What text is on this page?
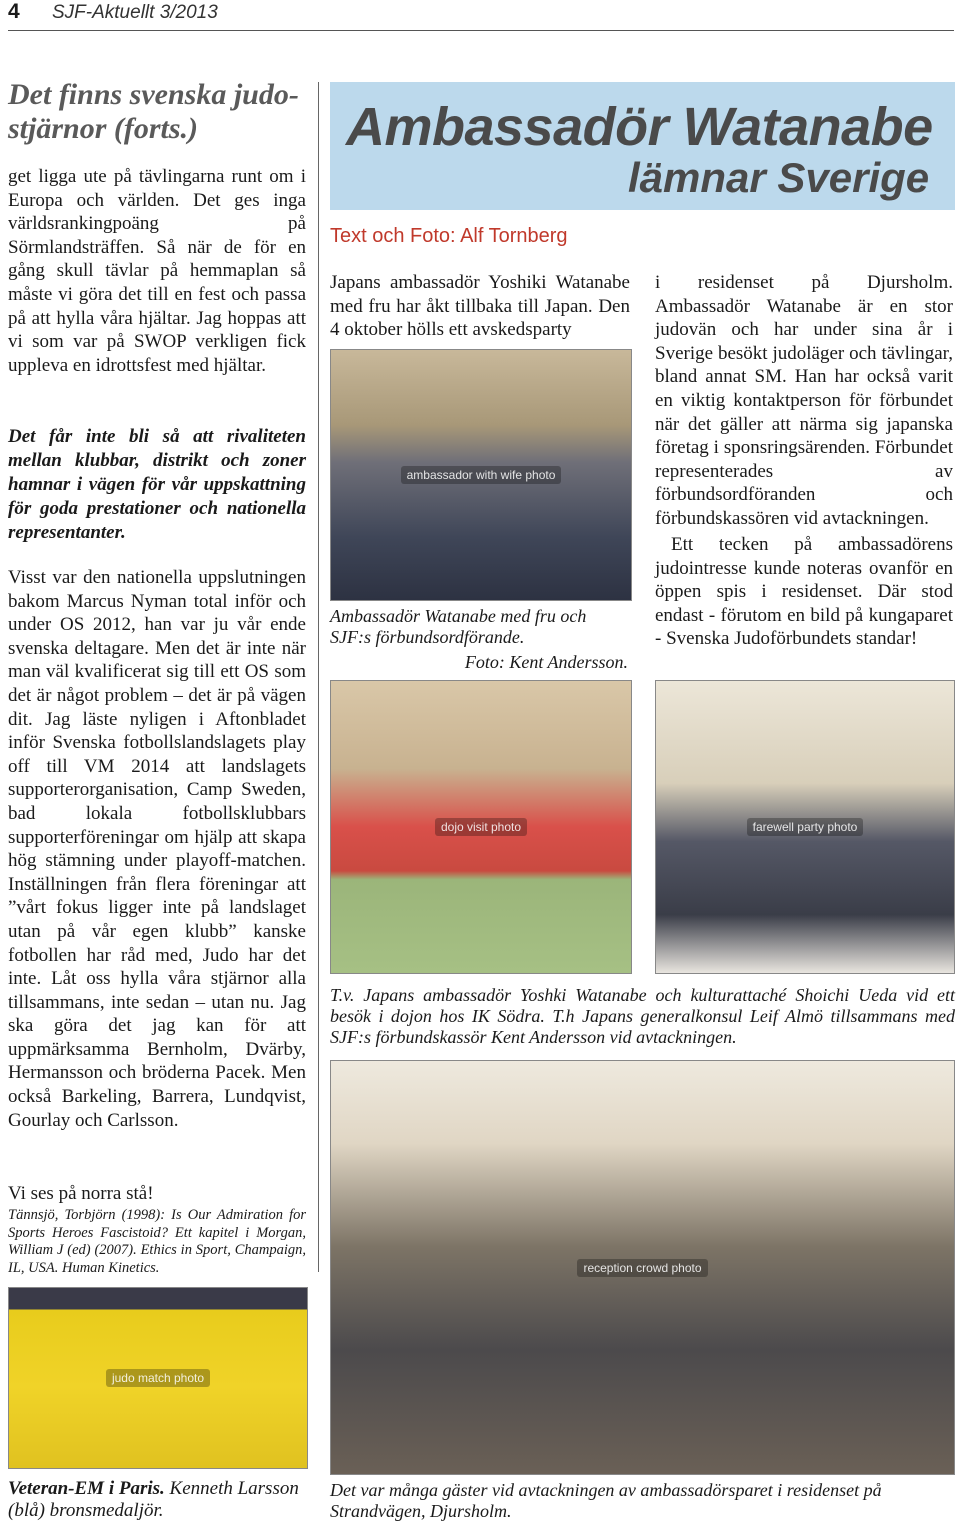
4 SJF-Aktuellt 3/2013
Det finns svenska judo-stjärnor (forts.)
get ligga ute på tävlingarna runt om i Europa och världen. Det ges inga världsrankingpoäng på Sörmlandsträffen. Så när de för en gång skull tävlar på hemmaplan så måste vi göra det till en fest och passa på att hylla våra hjältar. Jag hoppas att vi som var på SWOP verkligen fick uppleva en idrottsfest med hjältar.
Det får inte bli så att rivaliteten mellan klubbar, distrikt och zoner hamnar i vägen för vår uppskattning för goda prestationer och nationella representanter.
Visst var den nationella uppslutningen bakom Marcus Nyman total inför och under OS 2012, han var ju vår ende svenska deltagare. Men det är inte när man väl kvalificerat sig till ett OS som det är något problem – det är på vägen dit. Jag läste nyligen i Aftonbladet inför Svenska fotbollslandslagets play off till VM 2014 att landslagets supporterorganisation, Camp Sweden, bad lokala fotbollsklubbars supporterföreningar om hjälp att skapa hög stämning under playoff-matchen. Inställningen från flera föreningar att ”vårt fokus ligger inte på landslaget utan på vår egen klubb” kanske fotbollen har råd med, Judo har det inte. Låt oss hylla våra stjärnor alla tillsammans, inte sedan – utan nu. Jag ska göra det jag kan för att uppmärksamma Bernholm, Dvärby, Hermansson och bröderna Pacek. Men också Barkeling, Barrera, Lundqvist, Gourlay och Carlsson.
Vi ses på norra stå!
Tännsjö, Torbjörn (1998): Is Our Admiration for Sports Heroes Fascistoid? Ett kapitel i Morgan, William J (ed) (2007). Ethics in Sport, Champaign, IL, USA. Human Kinetics.
judo match photo
Veteran-EM i Paris. Kenneth Larsson (blå) bronsmedaljör.
Ambassadör Watanabe
lämnar Sverige
Text och Foto: Alf Tornberg
Japans ambassadör Yoshiki Watanabe med fru har åkt tillbaka till Japan. Den 4 oktober hölls ett avskedsparty
ambassador with wife photo
Ambassadör Watanabe med fru och SJF:s förbundsordförande.
Foto: Kent Andersson.
i residenset på Djursholm. Ambassadör Watanabe är en stor judovän och har under sina år i Sverige besökt judoläger och tävlingar, bland annat SM. Han har också varit en viktig kontaktperson för förbundet när det gäller att närma sig japanska företag i sponsringsärenden. Förbundet representerades av förbundsordföranden och förbundskassören vid avtackningen.
Ett tecken på ambassadörens judointresse kunde noteras ovanför en öppen spis i residenset. Där stod endast - förutom en bild på kungaparet - Svenska Judoförbundets standar!
dojo visit photo	farewell party photo
T.v. Japans ambassadör Yoshki Watanabe och kulturattaché Shoichi Ueda vid ett besök i dojon hos IK Södra. T.h Japans generalkonsul Leif Almö tillsammans med SJF:s förbundskassör Kent Andersson vid avtackningen.
reception crowd photo
Det var många gäster vid avtackningen av ambassadörsparet i residenset på Strandvägen, Djursholm.
